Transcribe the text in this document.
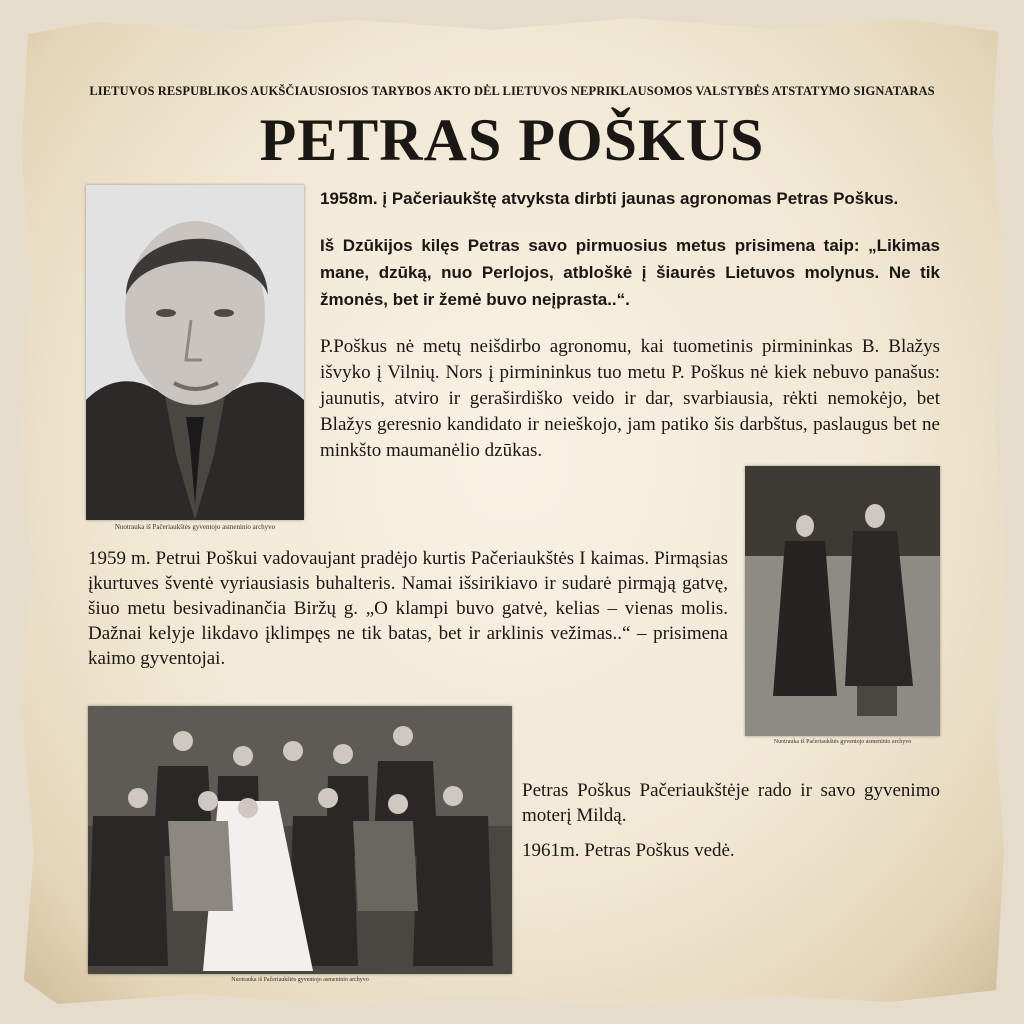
LIETUVOS RESPUBLIKOS AUKŠČIAUSIOSIOS TARYBOS AKTO DĖL LIETUVOS NEPRIKLAUSOMOS VALSTYBĖS ATSTATYMO SIGNATARAS
PETRAS POŠKUS
Nuotrauka iš Pačeriaukštės gyventojo asmeninio archyvo
1958m. į Pačeriaukštę atvyksta dirbti jaunas agronomas Petras Poškus.
Iš Dzūkijos kilęs Petras savo pirmuosius metus prisimena taip: „Likimas mane, dzūką, nuo Perlojos, atbloškė į šiaurės Lietuvos molynus. Ne tik žmonės, bet ir žemė buvo neįprasta..“.
P.Poškus nė metų neišdirbo agronomu, kai tuometinis pirmininkas B. Blažys išvyko į Vilnių. Nors į pirmininkus tuo metu P. Poškus nė kiek nebuvo panašus: jaunutis, atviro ir geraširdiško veido ir dar, svarbiausia, rėkti nemokėjo, bet Blažys geresnio kandidato ir neieškojo, jam patiko šis darbštus, paslaugus bet ne minkšto maumanėlio dzūkas.
Nuotrauka iš Pačeriaukštės gyventojo asmeninio archyvo
1959 m. Petrui Poškui vadovaujant pradėjo kurtis Pačeriaukštės I kaimas. Pirmąsias įkurtuves šventė vyriausiasis buhalteris. Namai išsirikiavo ir sudarė pirmąją gatvę, šiuo metu besivadinančia Biržų g. „O klampi buvo gatvė, kelias – vienas molis. Dažnai kelyje likdavo įklimpęs ne tik batas, bet ir arklinis vežimas..“ – prisimena kaimo gyventojai.
Nuotrauka iš Pačeriaukštės gyventojo asmeninio archyvo
Petras Poškus Pačeriaukštėje rado ir savo gyvenimo moterį Mildą.
1961m. Petras Poškus vedė.
